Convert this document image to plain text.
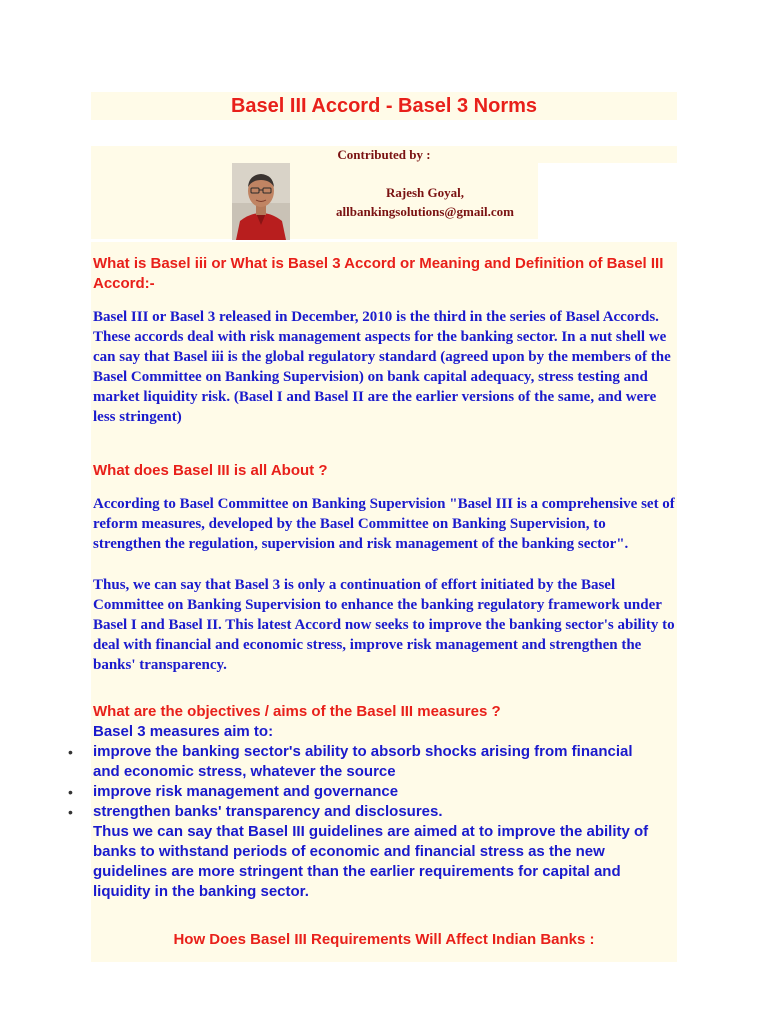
Basel III Accord - Basel 3 Norms
Contributed by :
Rajesh Goyal,
allbankingsolutions@gmail.com
What is Basel iii or What is Basel 3 Accord or Meaning and Definition of Basel III Accord:-

Basel III or Basel 3 released in December, 2010 is the third in the series of Basel Accords. These accords deal with risk management aspects for the banking sector. In a nut shell we can say that Basel iii is the global regulatory standard (agreed upon by the members of the Basel Committee on Banking Supervision) on bank capital adequacy, stress testing and market liquidity risk. (Basel I and Basel II are the earlier versions of the same, and were less stringent)

What does Basel III is all About ?

According to Basel Committee on Banking Supervision "Basel III is a comprehensive set of reform measures, developed by the Basel Committee on Banking Supervision, to strengthen the regulation, supervision and risk management of the banking sector".

Thus, we can say that Basel 3 is only a continuation of effort initiated by the Basel Committee on Banking Supervision to enhance the banking regulatory framework under Basel I and Basel II. This latest Accord now seeks to improve the banking sector's ability to deal with financial and economic stress, improve risk management and strengthen the banks' transparency.

What are the objectives / aims of the Basel III measures ?
Basel 3 measures aim to:
• improve the banking sector's ability to absorb shocks arising from financial and economic stress, whatever the source
• improve risk management and governance
• strengthen banks' transparency and disclosures.

Thus we can say that Basel III guidelines are aimed at to improve the ability of banks to withstand periods of economic and financial stress as the new guidelines are more stringent than the earlier requirements for capital and liquidity in the banking sector.

How Does Basel III Requirements Will Affect Indian Banks :
